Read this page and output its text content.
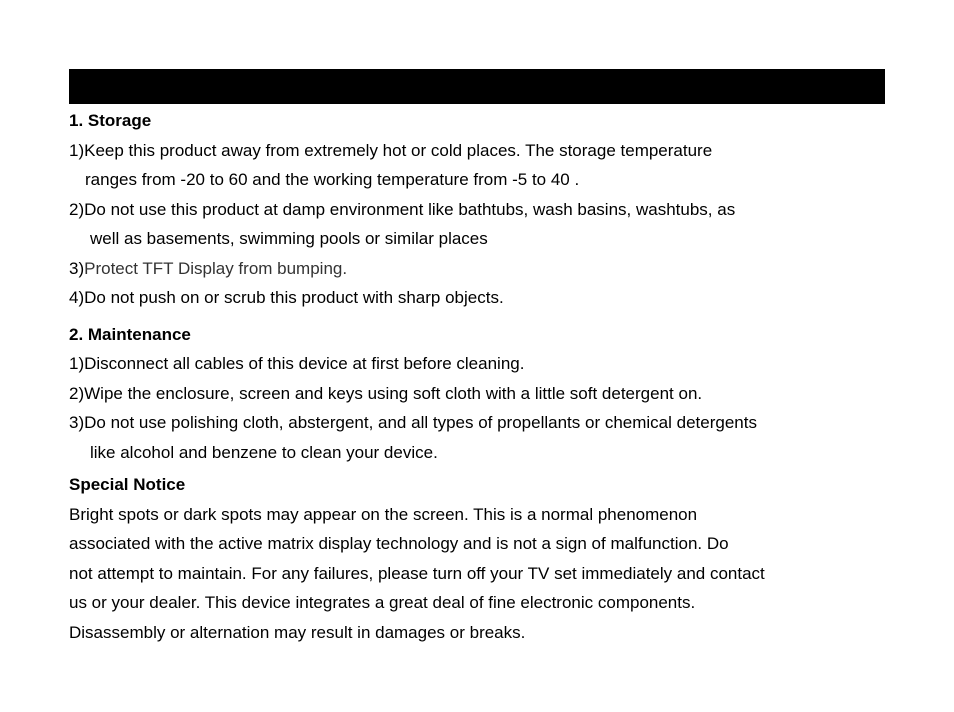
1. Storage

1)Keep this product away from extremely hot or cold places. The storage temperature

ranges from -20 to 60 and the working temperature from -5 to 40 .

2)Do not use this product at damp environment like bathtubs, wash basins, washtubs, as

well as basements, swimming pools or similar places

3)Protect TFT Display from bumping.

4)Do not push on or scrub this product with sharp objects.

2. Maintenance

1)Disconnect all cables of this device at first before cleaning.

2)Wipe the enclosure, screen and keys using soft cloth with a little soft detergent on.

3)Do not use polishing cloth, abstergent, and all types of propellants or chemical detergents

like alcohol and benzene to clean your device.

Special Notice

Bright spots or dark spots may appear on the screen. This is a normal phenomenon

associated with the active matrix display technology and is not a sign of malfunction. Do

not attempt to maintain. For any failures, please turn off your TV set immediately and contact

us or your dealer. This device integrates a great deal of fine electronic components.

Disassembly or alternation may result in damages or breaks.
